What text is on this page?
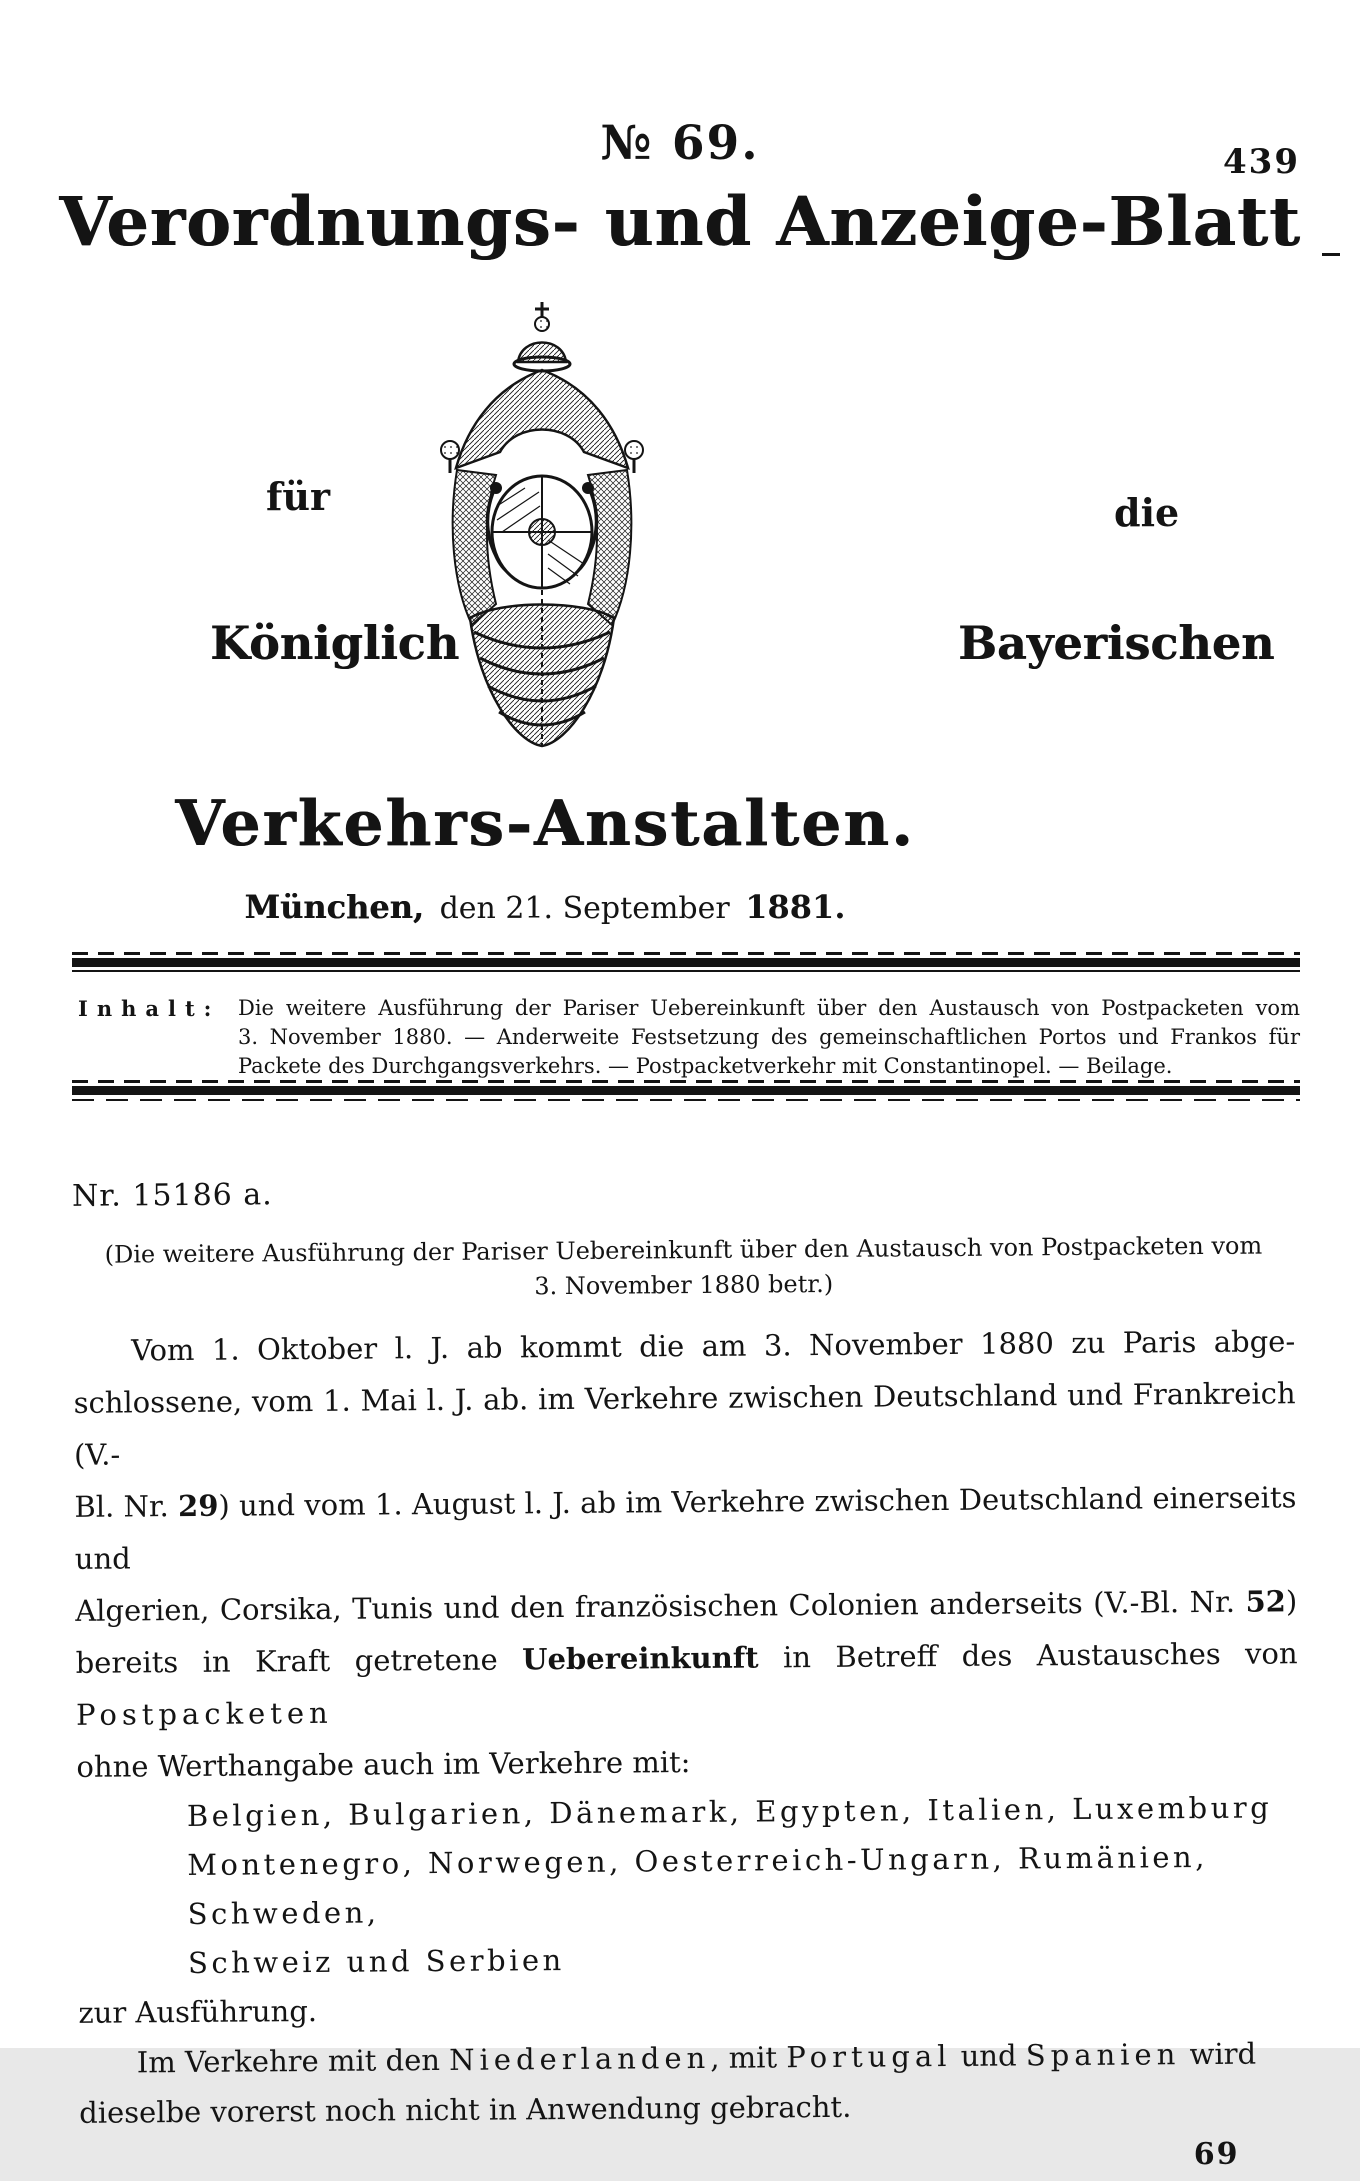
№ 69.	439
Verordnungs- und Anzeige-Blatt
für	die
Königlich	Bayerischen
Verkehrs-Anstalten.
München, den 21. September 1881.
Inhalt: Die weitere Ausführung der Pariser Uebereinkunft über den Austausch von Postpacketen vom
3. November 1880. — Anderweite Festsetzung des gemeinschaftlichen Portos und Frankos für
Packete des Durchgangsverkehrs. — Postpacketverkehr mit Constantinopel. — Beilage.
Nr. 15186 a.
(Die weitere Ausführung der Pariser Uebereinkunft über den Austausch von Postpacketen vom
3. November 1880 betr.)
Vom 1. Oktober l. J. ab kommt die am 3. November 1880 zu Paris abge-
schlossene, vom 1. Mai l. J. ab. im Verkehre zwischen Deutschland und Frankreich (V.-
Bl. Nr. 29) und vom 1. August l. J. ab im Verkehre zwischen Deutschland einerseits und
Algerien, Corsika, Tunis und den französischen Colonien anderseits (V.-Bl. Nr. 52)
bereits in Kraft getretene Uebereinkunft in Betreff des Austausches von Postpacketen
ohne Werthangabe auch im Verkehre mit:
Belgien, Bulgarien, Dänemark, Egypten, Italien, Luxemburg
Montenegro, Norwegen, Oesterreich-Ungarn, Rumänien, Schweden,
Schweiz und Serbien
zur Ausführung.
Im Verkehre mit den Niederlanden, mit Portugal und Spanien wird
dieselbe vorerst noch nicht in Anwendung gebracht.
69
